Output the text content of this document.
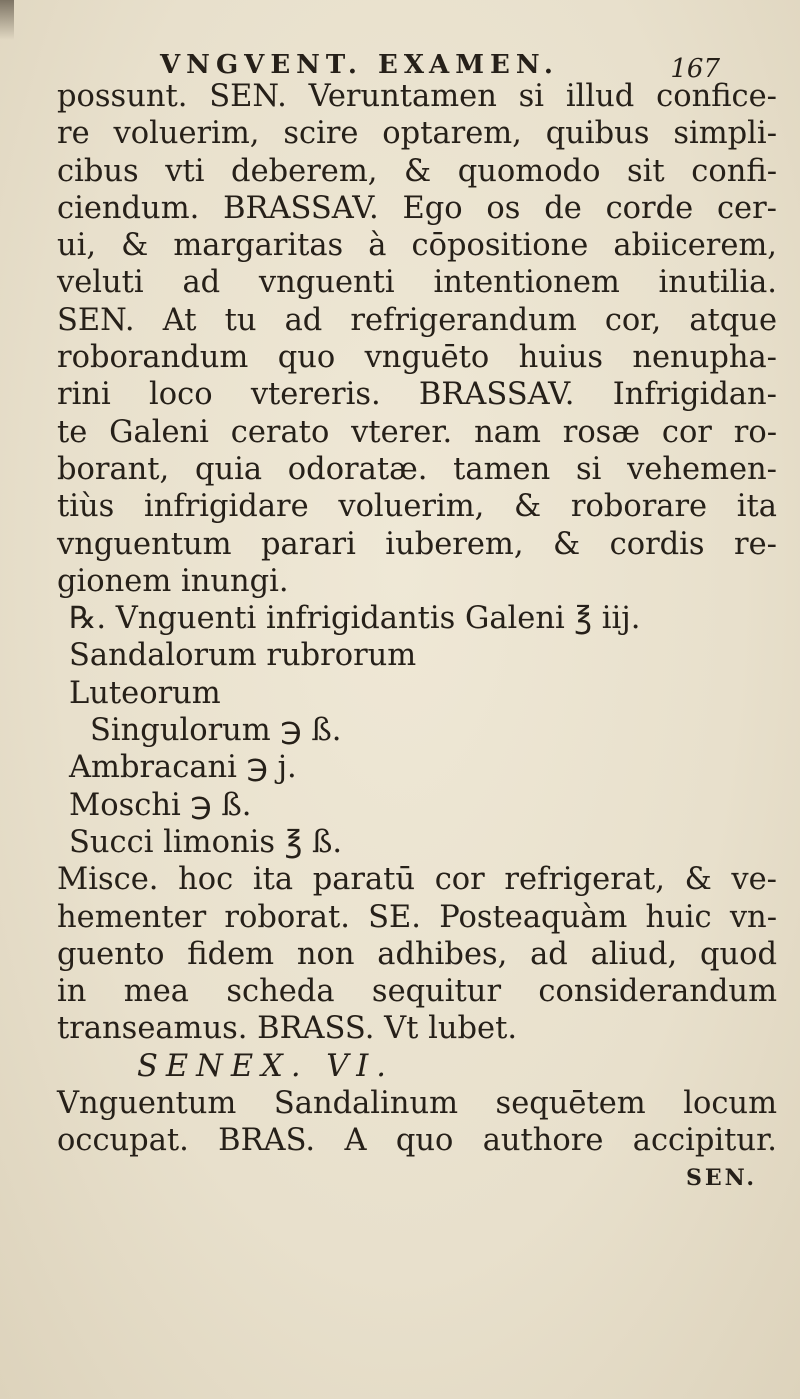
VNGVENT. EXAMEN.	167
possunt. SEN. Veruntamen si illud confice-
re voluerim, scire optarem, quibus simpli-
cibus vti deberem, & quomodo sit confi-
ciendum. BRASSAV. Ego os de corde cer-
ui, & margaritas à cōpositione abiicerem,
veluti ad vnguenti intentionem inutilia.
SEN. At tu ad refrigerandum cor, atque
roborandum quo vnguēto huius nenupha-
rini loco vtereris. BRASSAV. Infrigidan-
te Galeni cerato vterer. nam rosæ cor ro-
borant, quia odoratæ. tamen si vehemen-
tiùs infrigidare voluerim, & roborare ita
vnguentum parari iuberem, & cordis re-
gionem inungi.
℞. Vnguenti infrigidantis Galeni ℥ iij.
Sandalorum rubrorum
Luteorum
Singulorum ℈ ß.
Ambracani ℈ j.
Moschi ℈ ß.
Succi limonis ℥ ß.
Misce. hoc ita paratū cor refrigerat, & ve-
hementer roborat. SE. Posteaquàm huic vn-
guento fidem non adhibes, ad aliud, quod
in mea scheda sequitur considerandum
transeamus. BRASS. Vt lubet.
SENEX. VI.
Vnguentum Sandalinum sequētem locum
occupat. BRAS. A quo authore accipitur.
SEN.
